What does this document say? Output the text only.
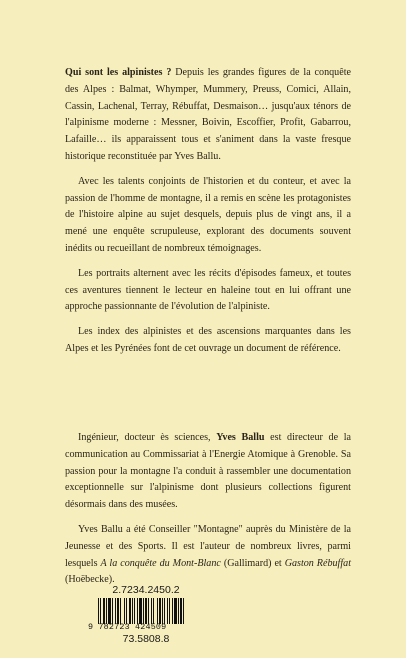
Qui sont les alpinistes ? Depuis les grandes figures de la conquête des Alpes : Balmat, Whymper, Mummery, Preuss, Comici, Allain, Cassin, Lachenal, Terray, Rébuffat, Desmaison… jusqu'aux ténors de l'alpinisme moderne : Messner, Boivin, Escoffier, Profit, Gabarrou, Lafaille… ils apparaissent tous et s'animent dans la vaste fresque historique reconstituée par Yves Ballu.

Avec les talents conjoints de l'historien et du conteur, et avec la passion de l'homme de montagne, il a remis en scène les protagonistes de l'histoire alpine au sujet desquels, depuis plus de vingt ans, il a mené une enquête scrupuleuse, explorant des documents souvent inédits ou recueillant de nombreux témoignages.

Les portraits alternent avec les récits d'épisodes fameux, et toutes ces aventures tiennent le lecteur en haleine tout en lui offrant une approche passionnante de l'évolution de l'alpiniste.

Les index des alpinistes et des ascensions marquantes dans les Alpes et les Pyrénées font de cet ouvrage un document de référence.

Ingénieur, docteur ès sciences, Yves Ballu est directeur de la communication au Commissariat à l'Energie Atomique à Grenoble. Sa passion pour la montagne l'a conduit à rassembler une documentation exceptionnelle sur l'alpinisme dont plusieurs collections figurent désormais dans des musées.

Yves Ballu a été Conseiller "Montagne" auprès du Ministère de la Jeunesse et des Sports. Il est l'auteur de nombreux livres, parmi lesquels A la conquête du Mont-Blanc (Gallimard) et Gaston Rébuffat (Hoëbecke).

2.7234.2450.2
9 782723 424509
73.5808.8
